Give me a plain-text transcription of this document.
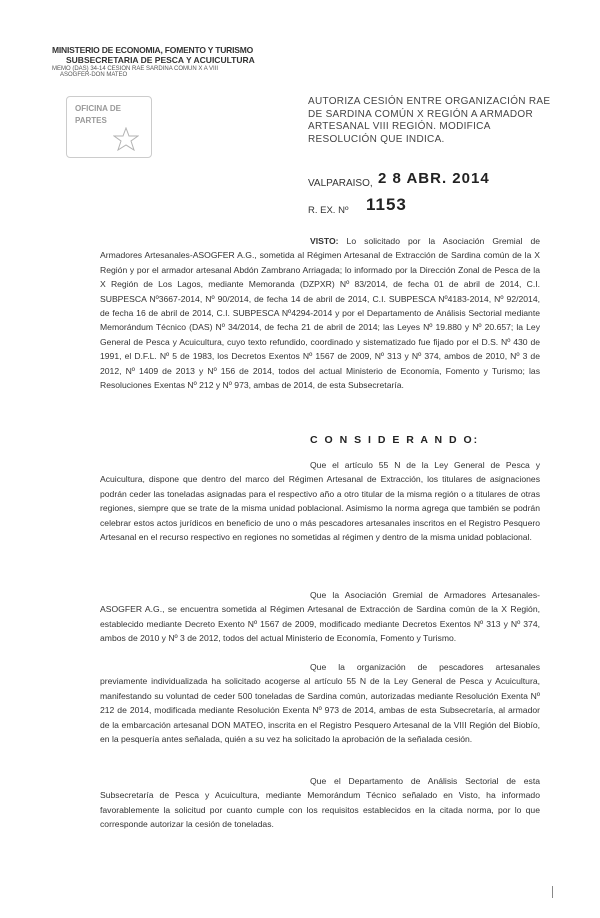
MINISTERIO DE ECONOMIA, FOMENTO Y TURISMO
SUBSECRETARIA DE PESCA Y ACUICULTURA
MEMO (DAS) 34-14 CESION RAE SARDINA COMUN X A VIII
ASOGFER-DON MATEO
OFICINA DE
PARTES
AUTORIZA CESIÓN ENTRE ORGANIZACIÓN RAE DE SARDINA COMÚN X REGIÓN A ARMADOR ARTESANAL VIII REGIÓN. MODIFICA RESOLUCIÓN QUE INDICA.
VALPARAISO, 2 8 ABR. 2014
R. EX. Nº 1153
VISTO: Lo solicitado por la Asociación Gremial de Armadores Artesanales-ASOGFER A.G., sometida al Régimen Artesanal de Extracción de Sardina común de la X Región y por el armador artesanal Abdón Zambrano Arriagada; lo informado por la Dirección Zonal de Pesca de la X Región de Los Lagos, mediante Memoranda (DZPXR) Nº 83/2014, de fecha 01 de abril de 2014, C.I. SUBPESCA Nº3667-2014, Nº 90/2014, de fecha 14 de abril de 2014, C.I. SUBPESCA Nº4183-2014, Nº 92/2014, de fecha 16 de abril de 2014, C.I. SUBPESCA Nº4294-2014 y por el Departamento de Análisis Sectorial mediante Memorándum Técnico (DAS) Nº 34/2014, de fecha 21 de abril de 2014; las Leyes Nº 19.880 y Nº 20.657; la Ley General de Pesca y Acuicultura, cuyo texto refundido, coordinado y sistematizado fue fijado por el D.S. Nº 430 de 1991, el D.F.L. Nº 5 de 1983, los Decretos Exentos Nº 1567 de 2009, Nº 313 y Nº 374, ambos de 2010, Nº 3 de 2012, Nº 1409 de 2013 y Nº 156 de 2014, todos del actual Ministerio de Economía, Fomento y Turismo; las Resoluciones Exentas Nº 212 y Nº 973, ambas de 2014, de esta Subsecretaría.
C O N S I D E R A N D O:
Que el artículo 55 N de la Ley General de Pesca y Acuicultura, dispone que dentro del marco del Régimen Artesanal de Extracción, los titulares de asignaciones podrán ceder las toneladas asignadas para el respectivo año a otro titular de la misma región o a titulares de otras regiones, siempre que se trate de la misma unidad poblacional. Asimismo la norma agrega que también se podrán celebrar estos actos jurídicos en beneficio de uno o más pescadores artesanales inscritos en el Registro Pesquero Artesanal en el recurso respectivo en regiones no sometidas al régimen y dentro de la misma unidad poblacional.
Que la Asociación Gremial de Armadores Artesanales-ASOGFER A.G., se encuentra sometida al Régimen Artesanal de Extracción de Sardina común de la X Región, establecido mediante Decreto Exento Nº 1567 de 2009, modificado mediante Decretos Exentos Nº 313 y Nº 374, ambos de 2010 y Nº 3 de 2012, todos del actual Ministerio de Economía, Fomento y Turismo.
Que la organización de pescadores artesanales previamente individualizada ha solicitado acogerse al artículo 55 N de la Ley General de Pesca y Acuicultura, manifestando su voluntad de ceder 500 toneladas de Sardina común, autorizadas mediante Resolución Exenta Nº 212 de 2014, modificada mediante Resolución Exenta Nº 973 de 2014, ambas de esta Subsecretaría, al armador de la embarcación artesanal DON MATEO, inscrita en el Registro Pesquero Artesanal de la VIII Región del Biobío, en la pesquería antes señalada, quién a su vez ha solicitado la aprobación de la señalada cesión.
Que el Departamento de Análisis Sectorial de esta Subsecretaría de Pesca y Acuicultura, mediante Memorándum Técnico señalado en Visto, ha informado favorablemente la solicitud por cuanto cumple con los requisitos establecidos en la citada norma, por lo que corresponde autorizar la cesión de toneladas.
